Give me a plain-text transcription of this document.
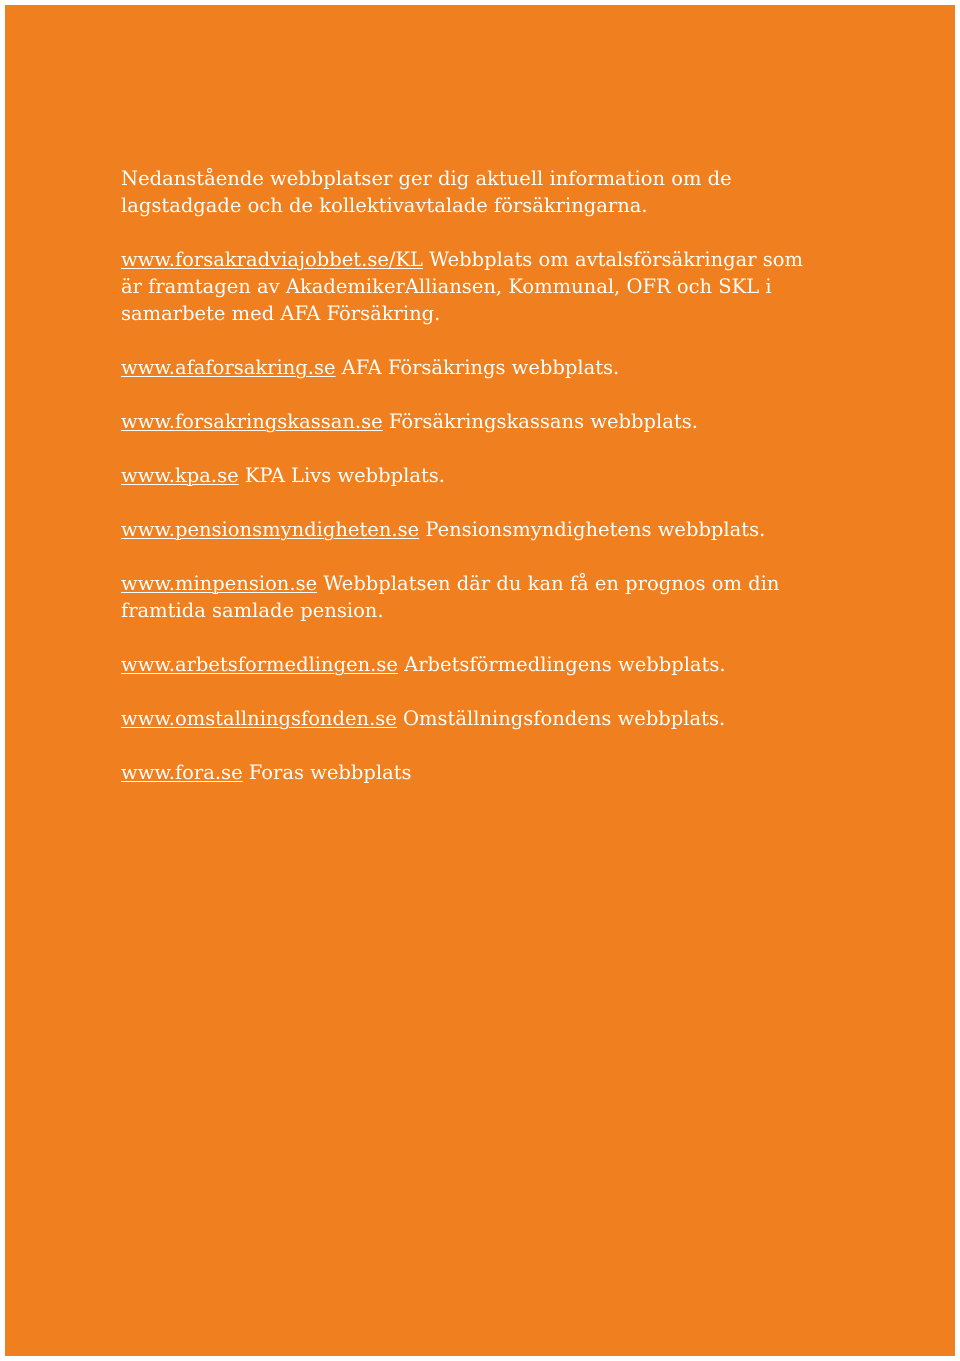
Nedanstående webbplatser ger dig aktuell information om de lagstadgade och de kollektivavtalade försäkringarna.

www.forsakradviajobbet.se/KL Webbplats om avtalsförsäkringar som är framtagen av AkademikerAlliansen, Kommunal, OFR och SKL i samarbete med AFA Försäkring.

www.afaforsakring.se AFA Försäkrings webbplats.

www.forsakringskassan.se Försäkringskassans webbplats.

www.kpa.se KPA Livs webbplats.

www.pensionsmyndigheten.se Pensionsmyndighetens webbplats.

www.minpension.se Webbplatsen där du kan få en prognos om din framtida samlade pension.

www.arbetsformedlingen.se Arbetsförmedlingens webbplats.

www.omstallningsfonden.se Omställningsfondens webbplats.

www.fora.se Foras webbplats
